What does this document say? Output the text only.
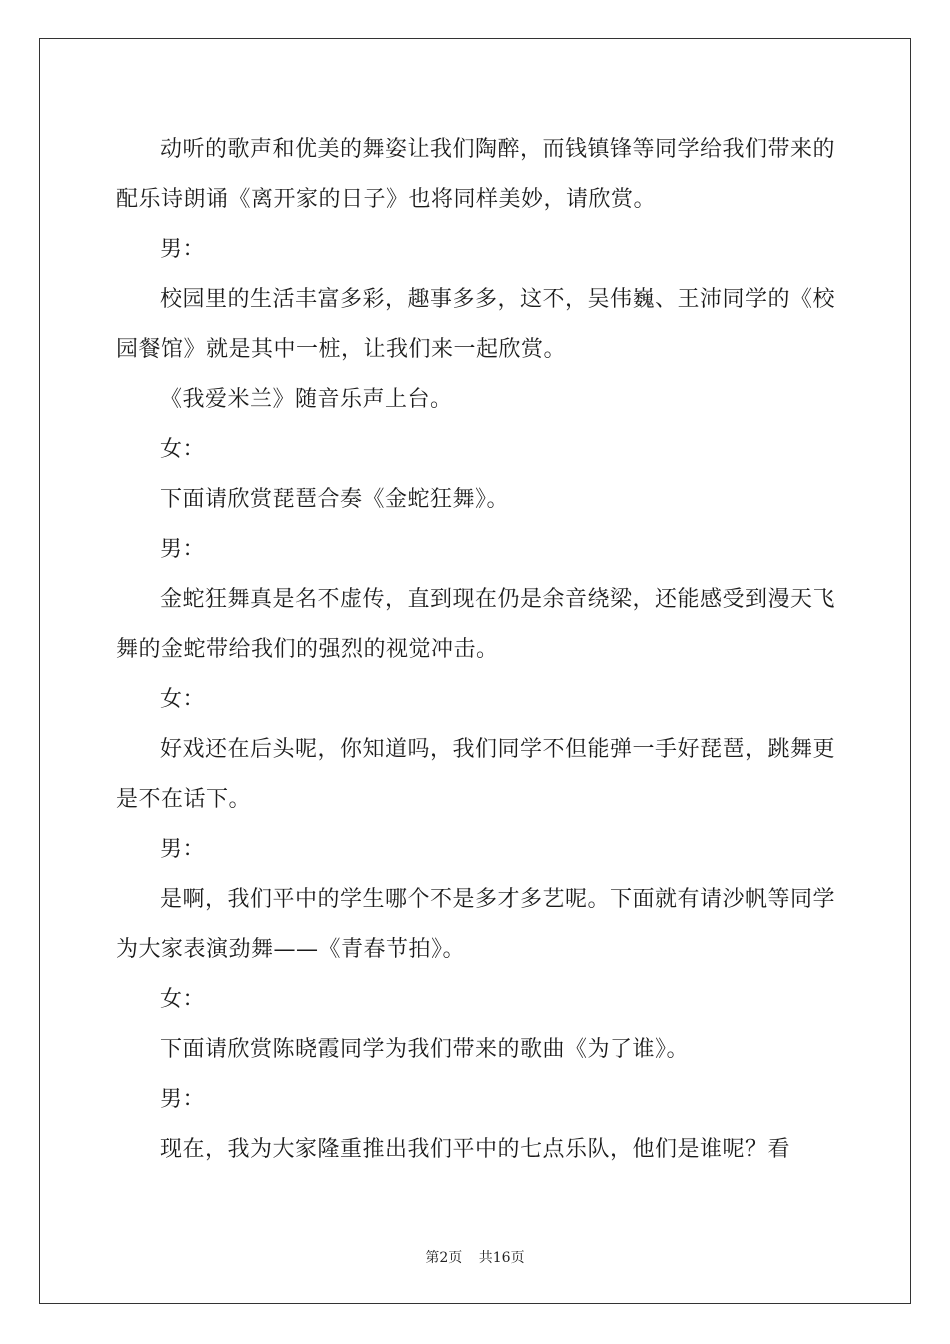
动听的歌声和优美的舞姿让我们陶醉，而钱镇锋等同学给我们带来的配乐诗朗诵《离开家的日子》也将同样美妙，请欣赏。

男：

校园里的生活丰富多彩，趣事多多，这不，吴伟巍、王沛同学的《校园餐馆》就是其中一桩，让我们来一起欣赏。

《我爱米兰》随音乐声上台。

女：

下面请欣赏琵琶合奏《金蛇狂舞》。

男：

金蛇狂舞真是名不虚传，直到现在仍是余音绕梁，还能感受到漫天飞舞的金蛇带给我们的强烈的视觉冲击。

女：

好戏还在后头呢，你知道吗，我们同学不但能弹一手好琵琶，跳舞更是不在话下。

男：

是啊，我们平中的学生哪个不是多才多艺呢。下面就有请沙帆等同学为大家表演劲舞——《青春节拍》。

女：

下面请欣赏陈晓霞同学为我们带来的歌曲《为了谁》。

男：

现在，我为大家隆重推出我们平中的七点乐队，他们是谁呢？看

第2页 共16页
